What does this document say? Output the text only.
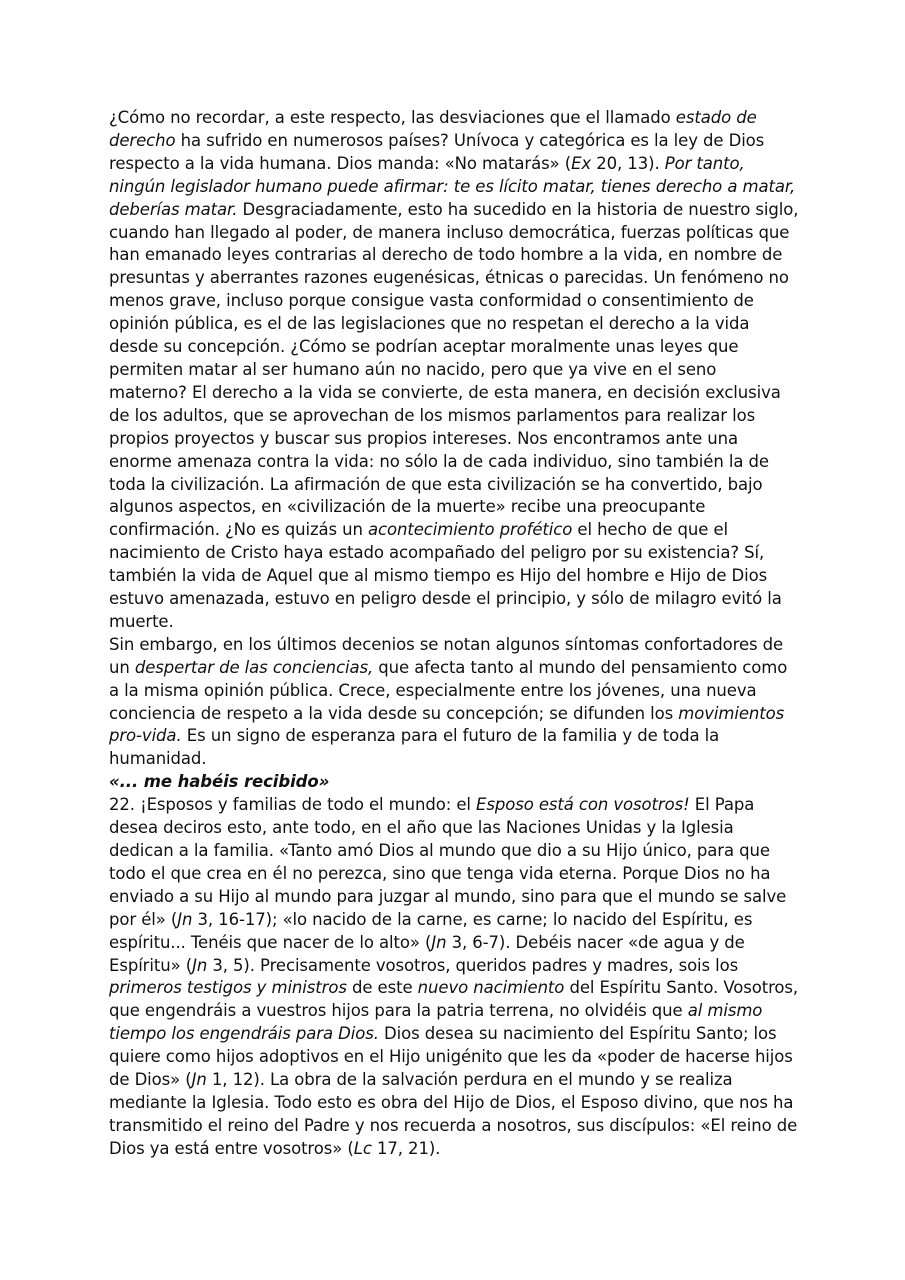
¿Cómo no recordar, a este respecto, las desviaciones que el llamado estado de derecho ha sufrido en numerosos países? Unívoca y categórica es la ley de Dios respecto a la vida humana. Dios manda: «No matarás» (Ex 20, 13). Por tanto, ningún legislador humano puede afirmar: te es lícito matar, tienes derecho a matar, deberías matar. Desgraciadamente, esto ha sucedido en la historia de nuestro siglo, cuando han llegado al poder, de manera incluso democrática, fuerzas políticas que han emanado leyes contrarias al derecho de todo hombre a la vida, en nombre de presuntas y aberrantes razones eugenésicas, étnicas o parecidas. Un fenómeno no menos grave, incluso porque consigue vasta conformidad o consentimiento de opinión pública, es el de las legislaciones que no respetan el derecho a la vida desde su concepción. ¿Cómo se podrían aceptar moralmente unas leyes que permiten matar al ser humano aún no nacido, pero que ya vive en el seno materno? El derecho a la vida se convierte, de esta manera, en decisión exclusiva de los adultos, que se aprovechan de los mismos parlamentos para realizar los propios proyectos y buscar sus propios intereses. Nos encontramos ante una enorme amenaza contra la vida: no sólo la de cada individuo, sino también la de toda la civilización. La afirmación de que esta civilización se ha convertido, bajo algunos aspectos, en «civilización de la muerte» recibe una preocupante confirmación. ¿No es quizás un acontecimiento profético el hecho de que el nacimiento de Cristo haya estado acompañado del peligro por su existencia? Sí, también la vida de Aquel que al mismo tiempo es Hijo del hombre e Hijo de Dios estuvo amenazada, estuvo en peligro desde el principio, y sólo de milagro evitó la muerte.

Sin embargo, en los últimos decenios se notan algunos síntomas confortadores de un despertar de las conciencias, que afecta tanto al mundo del pensamiento como a la misma opinión pública. Crece, especialmente entre los jóvenes, una nueva conciencia de respeto a la vida desde su concepción; se difunden los movimientos pro-vida. Es un signo de esperanza para el futuro de la familia y de toda la humanidad.

«... me habéis recibido»

22. ¡Esposos y familias de todo el mundo: el Esposo está con vosotros! El Papa desea deciros esto, ante todo, en el año que las Naciones Unidas y la Iglesia dedican a la familia. «Tanto amó Dios al mundo que dio a su Hijo único, para que todo el que crea en él no perezca, sino que tenga vida eterna. Porque Dios no ha enviado a su Hijo al mundo para juzgar al mundo, sino para que el mundo se salve por él» (Jn 3, 16-17); «lo nacido de la carne, es carne; lo nacido del Espíritu, es espíritu... Tenéis que nacer de lo alto» (Jn 3, 6-7). Debéis nacer «de agua y de Espíritu» (Jn 3, 5). Precisamente vosotros, queridos padres y madres, sois los primeros testigos y ministros de este nuevo nacimiento del Espíritu Santo. Vosotros, que engendráis a vuestros hijos para la patria terrena, no olvidéis que al mismo tiempo los engendráis para Dios. Dios desea su nacimiento del Espíritu Santo; los quiere como hijos adoptivos en el Hijo unigénito que les da «poder de hacerse hijos de Dios» (Jn 1, 12). La obra de la salvación perdura en el mundo y se realiza mediante la Iglesia. Todo esto es obra del Hijo de Dios, el Esposo divino, que nos ha transmitido el reino del Padre y nos recuerda a nosotros, sus discípulos: «El reino de Dios ya está entre vosotros» (Lc 17, 21).
